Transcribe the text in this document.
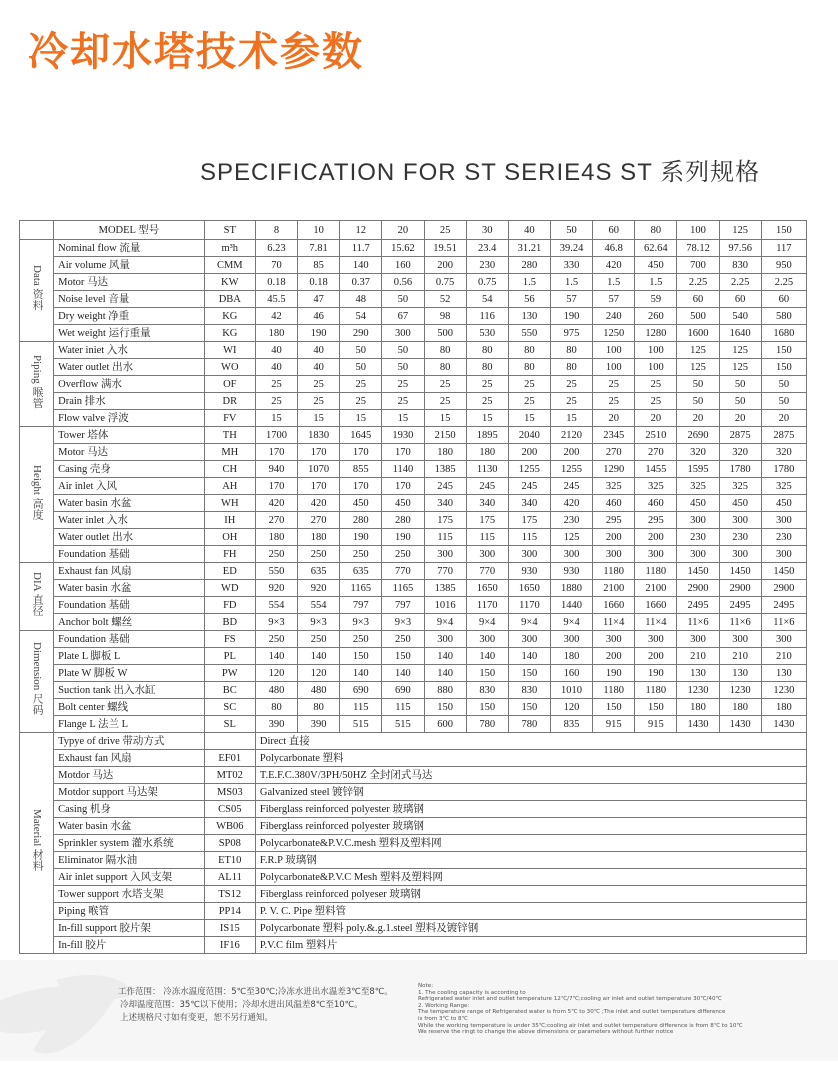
冷却水塔技术参数
SPECIFICATION FOR ST SERIE4S ST 系列规格
	MODEL 型号	ST	8	10	12	20	25	30	40	50	60	80	100	125	150
Data 资料	Nominal flow 流量	m³h	6.23	7.81	11.7	15.62	19.51	23.4	31.21	39.24	46.8	62.64	78.12	97.56	117
	Air volume 风量	CMM	70	85	140	160	200	230	280	330	420	450	700	830	950
	Motor 马达	KW	0.18	0.18	0.37	0.56	0.75	0.75	1.5	1.5	1.5	1.5	2.25	2.25	2.25
	Noise level 音量	DBA	45.5	47	48	50	52	54	56	57	57	59	60	60	60
	Dry weight 净重	KG	42	46	54	67	98	116	130	190	240	260	500	540	580
	Wet weight 运行重量	KG	180	190	290	300	500	530	550	975	1250	1280	1600	1640	1680
Piping 喉管	Water iniet 入水	WI	40	40	50	50	80	80	80	80	100	100	125	125	150
	Water outlet 出水	WO	40	40	50	50	80	80	80	80	100	100	125	125	150
	Overflow 满水	OF	25	25	25	25	25	25	25	25	25	25	50	50	50
	Drain 排水	DR	25	25	25	25	25	25	25	25	25	25	50	50	50
	Flow valve 浮波	FV	15	15	15	15	15	15	15	15	20	20	20	20	20
Height 高度	Tower 塔体	TH	1700	1830	1645	1930	2150	1895	2040	2120	2345	2510	2690	2875	2875
	Motor 马达	MH	170	170	170	170	180	180	200	200	270	270	320	320	320
	Casing 壳身	CH	940	1070	855	1140	1385	1130	1255	1255	1290	1455	1595	1780	1780
	Air inlet 入风	AH	170	170	170	170	245	245	245	245	325	325	325	325	325
	Water basin 水盆	WH	420	420	450	450	340	340	340	420	460	460	450	450	450
	Water inlet 入水	IH	270	270	280	280	175	175	175	230	295	295	300	300	300
	Water outlet 出水	OH	180	180	190	190	115	115	115	125	200	200	230	230	230
	Foundation 基础	FH	250	250	250	250	300	300	300	300	300	300	300	300	300
DIA 直径	Exhaust fan 风扇	ED	550	635	635	770	770	770	930	930	1180	1180	1450	1450	1450
	Water basin 水盆	WD	920	920	1165	1165	1385	1650	1650	1880	2100	2100	2900	2900	2900
	Foundation 基础	FD	554	554	797	797	1016	1170	1170	1440	1660	1660	2495	2495	2495
	Anchor bolt 螺丝	BD	9×3	9×3	9×3	9×3	9×4	9×4	9×4	9×4	11×4	11×4	11×6	11×6	11×6
Dimension 尺码	Foundation 基础	FS	250	250	250	250	300	300	300	300	300	300	300	300	300
	Plate L 脚板 L	PL	140	140	150	150	140	140	140	180	200	200	210	210	210
	Plate W 脚板 W	PW	120	120	140	140	140	150	150	160	190	190	130	130	130
	Suction tank 出入水缸	BC	480	480	690	690	880	830	830	1010	1180	1180	1230	1230	1230
	Bolt center 螺线	SC	80	80	115	115	150	150	150	120	150	150	180	180	180
	Flange L 法兰 L	SL	390	390	515	515	600	780	780	835	915	915	1430	1430	1430
Material 材料	Typye of drive 带动方式		Direct 直接												
	Exhaust fan 风扇	EF01	Polycarbonate 塑料												
	Motdor 马达	MT02	T.E.F.C.380V/3PH/50HZ 全封闭式马达												
	Motdor support 马达架	MS03	Galvanized steel 镀锌钢												
	Casing 机身	CS05	Fiberglass reinforced polyester 玻璃钢												
	Water basin 水盆	WB06	Fiberglass reinforced polyester 玻璃钢												
	Sprinkler system 灌水系统	SP08	Polycarbonate&P.V.C.mesh 塑料及塑料网												
	Eliminator 隔水油	ET10	F.R.P 玻璃钢												
	Air inlet support 入风支架	AL11	Polycarbonate&P.V.C Mesh 塑料及塑料网												
	Tower support 水塔支架	TS12	Fiberglass reinforced polyeser 玻璃钢												
	Piping 喉管	PP14	P. V. C. Pipe 塑料管												
	In-fill support 胶片架	IS15	Polycarbonate 塑料 poly.&.g.1.steel 塑料及镀锌钢												
	In-fill 胶片	IF16	P.V.C film 塑料片												

工作范围： 冷冻水温度范围：5℃至30℃;冷冻水进出水温差3℃至8℃。

冷却温度范围：35℃以下使用；冷却水进出风温差8℃至10℃。

上述规格尺寸如有变更，恕不另行通知。

Note:

1. The cooling capacity is according to

Refrigerated water inlet and outlet temperature 12℃/7℃;cooling air inlet and outlet temperature 30℃/40℃

2. Working Range:

The temperature range of Refrigerated water is from 5℃ to 30℃ ;The inlet and outlet temperature difference

is from 3℃ to 8℃

While the working temperature is under 35℃;cooling air inlet and outlet temperature difference is from 8℃ to 10℃

We reserve the ringt to change the above dimensions or parameters without further notice
